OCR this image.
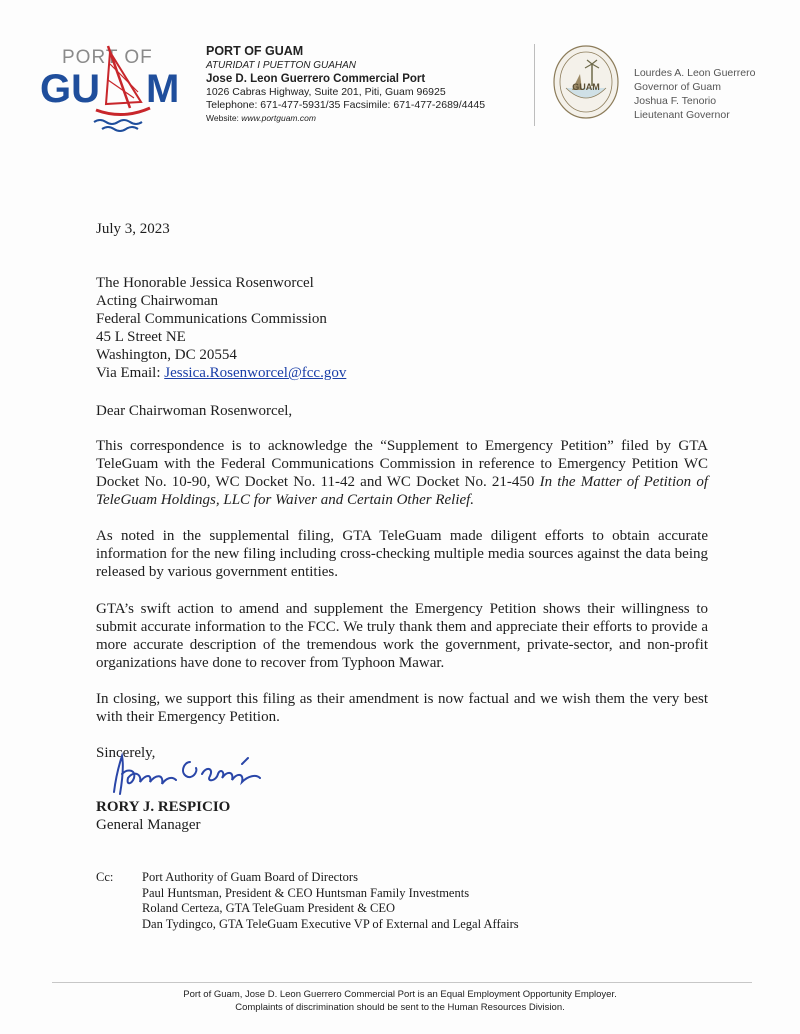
PORT OF
GU M
PORT OF GUAM
ATURIDAT I PUETTON GUAHAN
Jose D. Leon Guerrero Commercial Port
1026 Cabras Highway, Suite 201, Piti, Guam 96925
Telephone: 671-477-5931/35 Facsimile: 671-477-2689/4445
Website: www.portguam.com
GUAM
Lourdes A. Leon Guerrero
Governor of Guam
Joshua F. Tenorio
Lieutenant Governor
July 3, 2023
The Honorable Jessica Rosenworcel
Acting Chairwoman
Federal Communications Commission
45 L Street NE
Washington, DC 20554
Via Email: Jessica.Rosenworcel@fcc.gov
Dear Chairwoman Rosenworcel,
This correspondence is to acknowledge the “Supplement to Emergency Petition” filed by GTA TeleGuam with the Federal Communications Commission in reference to Emergency Petition WC Docket No. 10-90, WC Docket No. 11-42 and WC Docket No. 21-450 In the Matter of Petition of TeleGuam Holdings, LLC for Waiver and Certain Other Relief.
As noted in the supplemental filing, GTA TeleGuam made diligent efforts to obtain accurate information for the new filing including cross-checking multiple media sources against the data being released by various government entities.
GTA’s swift action to amend and supplement the Emergency Petition shows their willingness to submit accurate information to the FCC. We truly thank them and appreciate their efforts to provide a more accurate description of the tremendous work the government, private-sector, and non-profit organizations have done to recover from Typhoon Mawar.
In closing, we support this filing as their amendment is now factual and we wish them the very best with their Emergency Petition.
Sincerely,
RORY J. RESPICIO
General Manager
Cc: Port Authority of Guam Board of Directors
Paul Huntsman, President & CEO Huntsman Family Investments
Roland Certeza, GTA TeleGuam President & CEO
Dan Tydingco, GTA TeleGuam Executive VP of External and Legal Affairs
Port of Guam, Jose D. Leon Guerrero Commercial Port is an Equal Employment Opportunity Employer.
Complaints of discrimination should be sent to the Human Resources Division.
